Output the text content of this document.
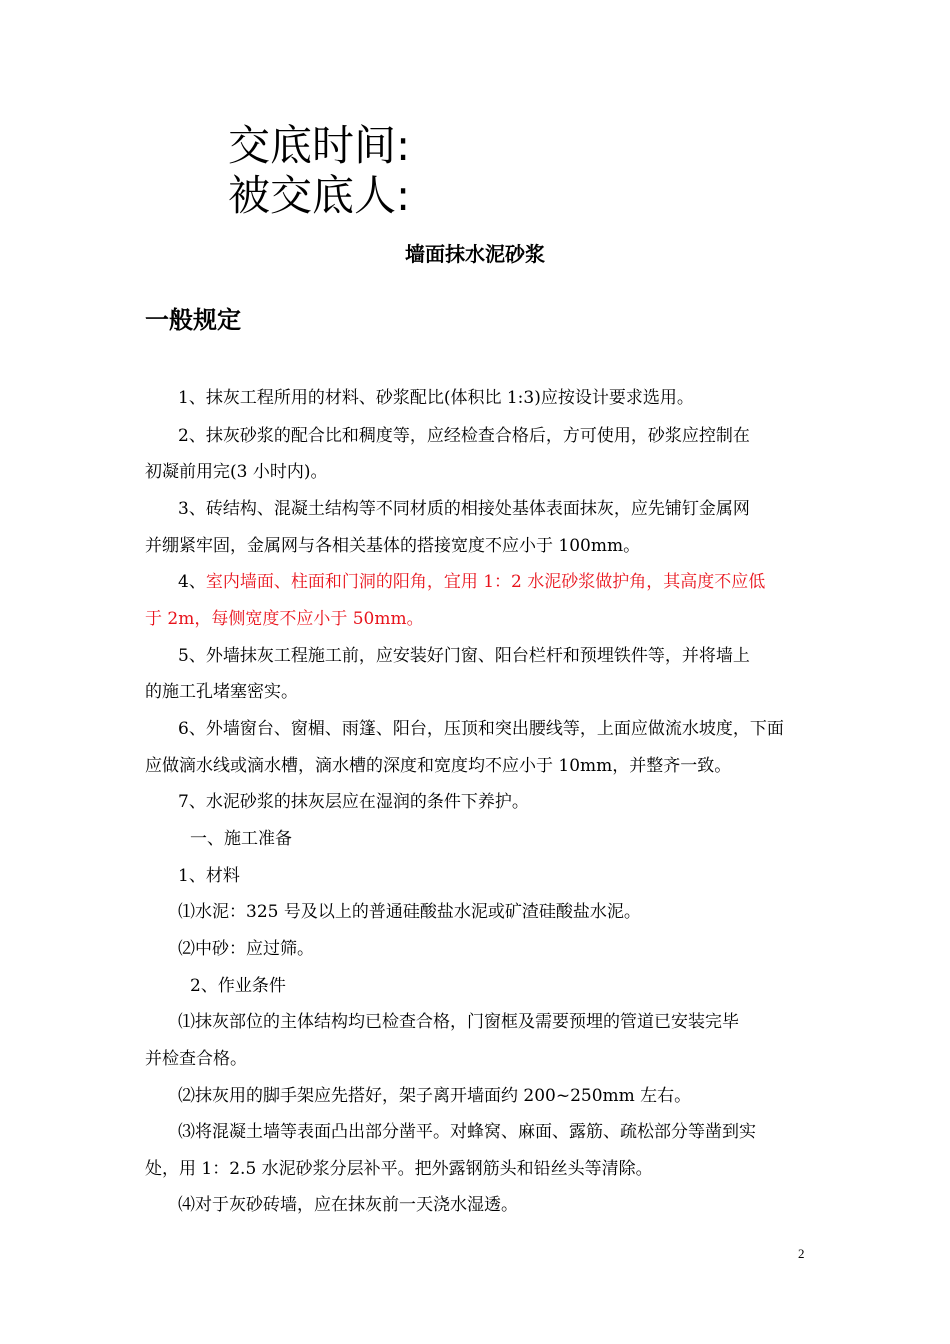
交底时间:
被交底人:
墙面抹水泥砂浆
一般规定
1、抹灰工程所用的材料、砂浆配比(体积比 1:3)应按设计要求选用。
2、抹灰砂浆的配合比和稠度等，应经检查合格后，方可使用，砂浆应控制在
初凝前用完(3 小时内)。
3、砖结构、混凝土结构等不同材质的相接处基体表面抹灰，应先铺钉金属网
并绷紧牢固，金属网与各相关基体的搭接宽度不应小于 100mm。
4、室内墙面、柱面和门洞的阳角，宜用 1：2 水泥砂浆做护角，其高度不应低
于 2m，每侧宽度不应小于 50mm。
5、外墙抹灰工程施工前，应安装好门窗、阳台栏杆和预埋铁件等，并将墙上
的施工孔堵塞密实。
6、外墙窗台、窗楣、雨篷、阳台，压顶和突出腰线等，上面应做流水坡度，下面
应做滴水线或滴水槽，滴水槽的深度和宽度均不应小于 10mm，并整齐一致。
7、水泥砂浆的抹灰层应在湿润的条件下养护。
一、施工准备
1、材料
⑴水泥：325 号及以上的普通硅酸盐水泥或矿渣硅酸盐水泥。
⑵中砂：应过筛。
2、作业条件
⑴抹灰部位的主体结构均已检查合格，门窗框及需要预埋的管道已安装完毕
并检查合格。
⑵抹灰用的脚手架应先搭好，架子离开墙面约 200~250mm 左右。
⑶将混凝土墙等表面凸出部分凿平。对蜂窝、麻面、露筋、疏松部分等凿到实
处，用 1：2.5 水泥砂浆分层补平。把外露钢筋头和铅丝头等清除。
⑷对于灰砂砖墙，应在抹灰前一天浇水湿透。
2
